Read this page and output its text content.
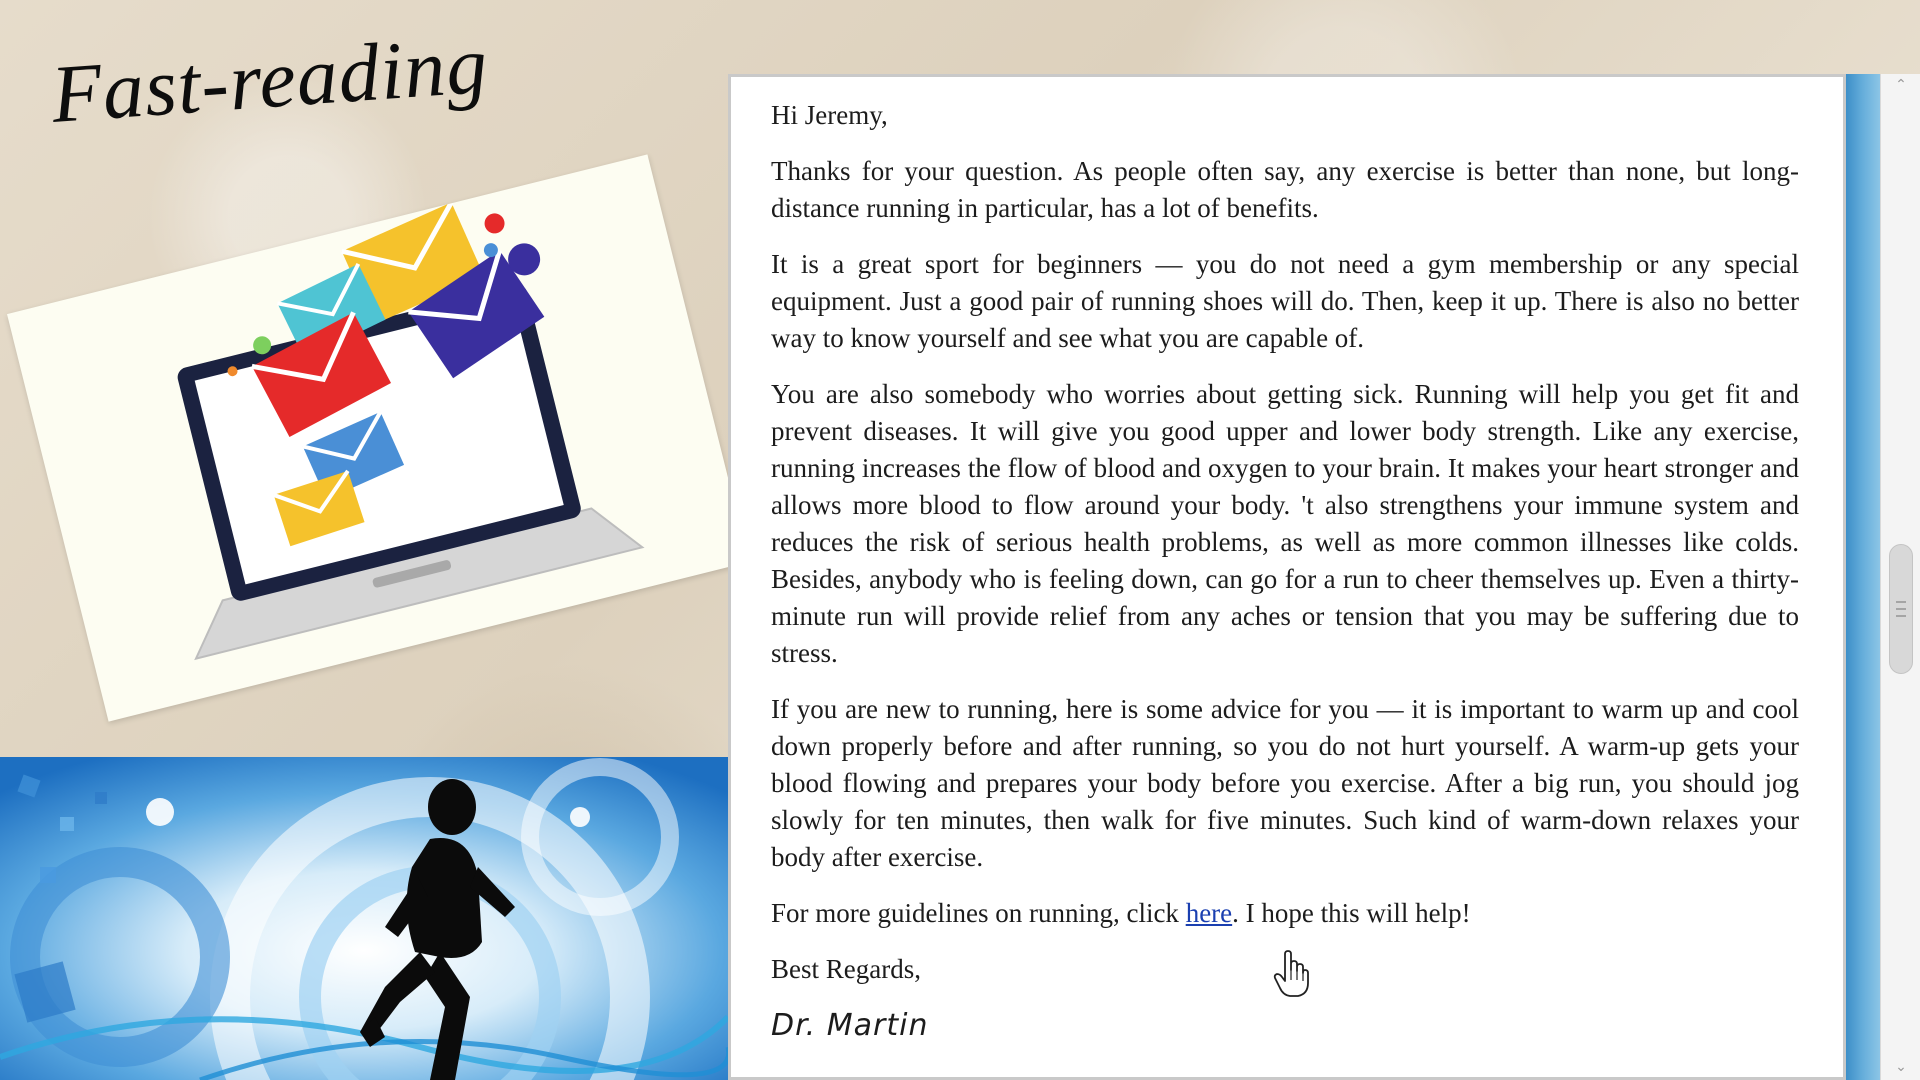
Fast-reading	Hi Jeremy,

Thanks for your question. As people often say, any exercise is better than none, but long-distance running in particular, has a lot of benefits.

It is a great sport for beginners — you do not need a gym membership or any special equipment. Just a good pair of running shoes will do. Then, keep it up. There is also no better way to know yourself and see what you are capable of.

You are also somebody who worries about getting sick. Running will help you get fit and prevent diseases. It will give you good upper and lower body strength. Like any exercise, running increases the flow of blood and oxygen to your brain. It makes your heart stronger and allows more blood to flow around your body. 't also strengthens your immune system and reduces the risk of serious health problems, as well as more common illnesses like colds. Besides, anybody who is feeling down, can go for a run to cheer themselves up. Even a thirty-minute run will provide relief from any aches or tension that you may be suffering due to stress.

If you are new to running, here is some advice for you — it is important to warm up and cool down properly before and after running, so you do not hurt yourself. A warm-up gets your blood flowing and prepares your body before you exercise. After a big run, you should jog slowly for ten minutes, then walk for five minutes. Such kind of warm-down relaxes your body after exercise.

For more guidelines on running, click here. I hope this will help!

Best Regards,

Dr. Martin
⌃
⌄
